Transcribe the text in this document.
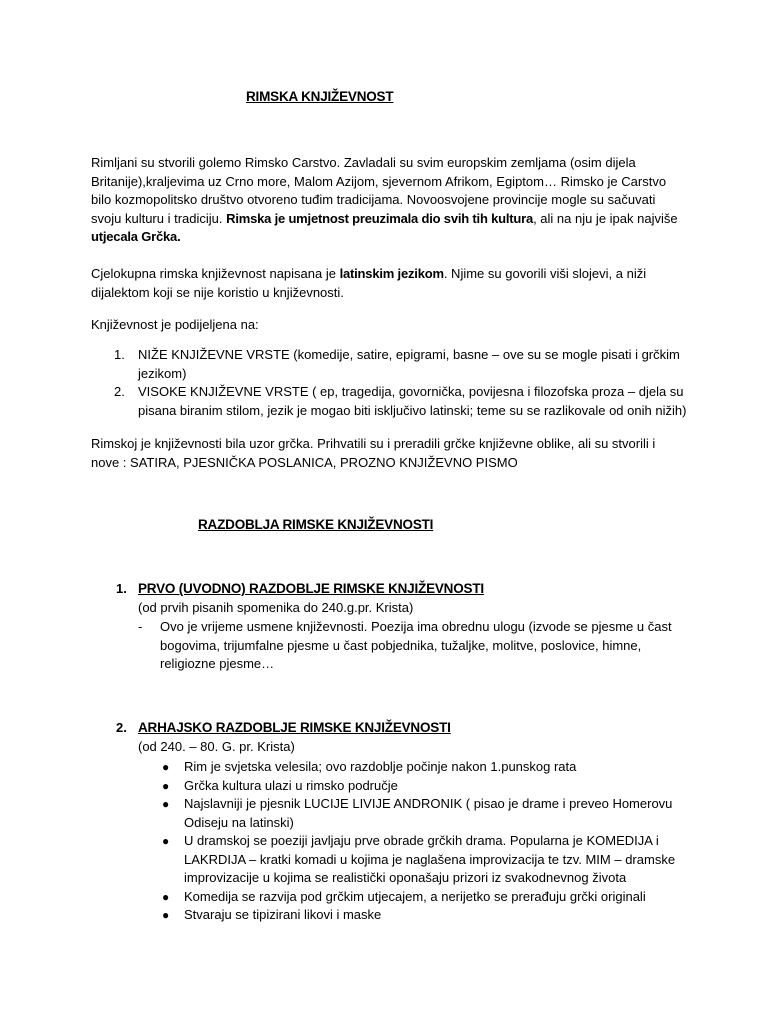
RIMSKA KNJIŽEVNOST

Rimljani su stvorili golemo Rimsko Carstvo. Zavladali su svim europskim zemljama (osim dijela Britanije),kraljevima uz Crno more, Malom Azijom, sjevernom Afrikom, Egiptom… Rimsko je Carstvo bilo kozmopolitsko društvo otvoreno tuđim tradicijama. Novoosvojene provincije mogle su sačuvati svoju kulturu i tradiciju. Rimska je umjetnost preuzimala dio svih tih kultura, ali na nju je ipak najviše utjecala Grčka.

Cjelokupna rimska književnost napisana je latinskim jezikom. Njime su govorili viši slojevi, a niži dijalektom koji se nije koristio u književnosti.

Književnost je podijeljena na:
1. NIŽE KNJIŽEVNE VRSTE (komedije, satire, epigrami, basne – ove su se mogle pisati i grčkim jezikom)
2. VISOKE KNJIŽEVNE VRSTE ( ep, tragedija, govornička, povijesna i filozofska proza – djela su pisana biranim stilom, jezik je mogao biti isključivo latinski; teme su se razlikovale od onih nižih)
Rimskoj je književnosti bila uzor grčka. Prihvatili su i preradili grčke književne oblike, ali su stvorili i nove : SATIRA, PJESNIČKA POSLANICA, PROZNO KNJIŽEVNO PISMO
RAZDOBLJA RIMSKE KNJIŽEVNOSTI
1. PRVO (UVODNO) RAZDOBLJE RIMSKE KNJIŽEVNOSTI
(od prvih pisanih spomenika do 240.g.pr. Krista)
- Ovo je vrijeme usmene književnosti. Poezija ima obrednu ulogu (izvode se pjesme u čast bogovima, trijumfalne pjesme u čast pobjednika, tužaljke, molitve, poslovice, himne, religiozne pjesme…
2. ARHAJSKO RAZDOBLJE RIMSKE KNJIŽEVNOSTI
(od 240. – 80. G. pr. Krista)
● Rim je svjetska velesila; ovo razdoblje počinje nakon 1.punskog rata
● Grčka kultura ulazi u rimsko područje
● Najslavniji je pjesnik LUCIJE LIVIJE ANDRONIK ( pisao je drame i preveo Homerovu Odiseju na latinski)
● U dramskoj se poeziji javljaju prve obrade grčkih drama. Popularna je KOMEDIJA i LAKRDIJA – kratki komadi u kojima je naglašena improvizacija te tzv. MIM – dramske improvizacije u kojima se realistički oponašaju prizori iz svakodnevnog života
● Komedija se razvija pod grčkim utjecajem, a nerijetko se prerađuju grčki originali
● Stvaraju se tipizirani likovi i maske
